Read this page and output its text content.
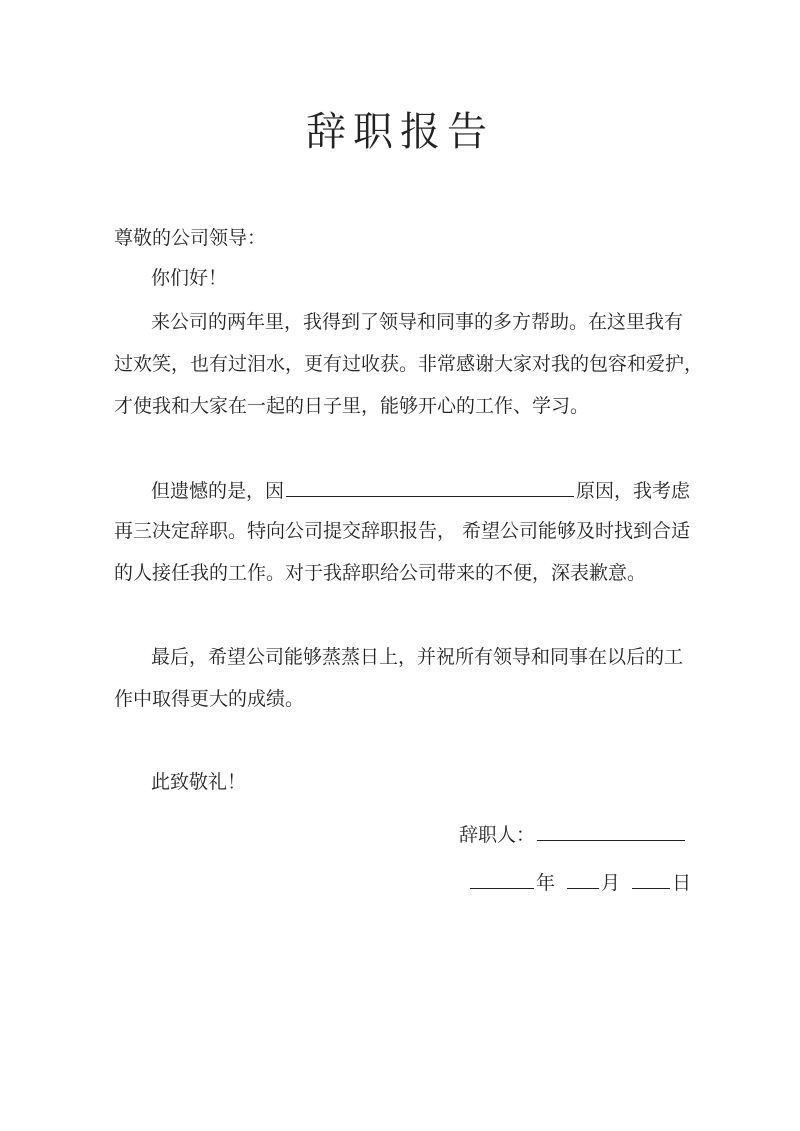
辞职报告
尊敬的公司领导：
你们好！
来公司的两年里，我得到了领导和同事的多方帮助。在这里我有
过欢笑，也有过泪水，更有过收获。非常感谢大家对我的包容和爱护，
才使我和大家在一起的日子里，能够开心的工作、学习。
但遗憾的是，因	原因，我考虑
再三决定辞职。特向公司提交辞职报告， 希望公司能够及时找到合适
的人接任我的工作。对于我辞职给公司带来的不便，深表歉意。
最后，希望公司能够蒸蒸日上，并祝所有领导和同事在以后的工
作中取得更大的成绩。
此致敬礼！
辞职人：
年 月	日
